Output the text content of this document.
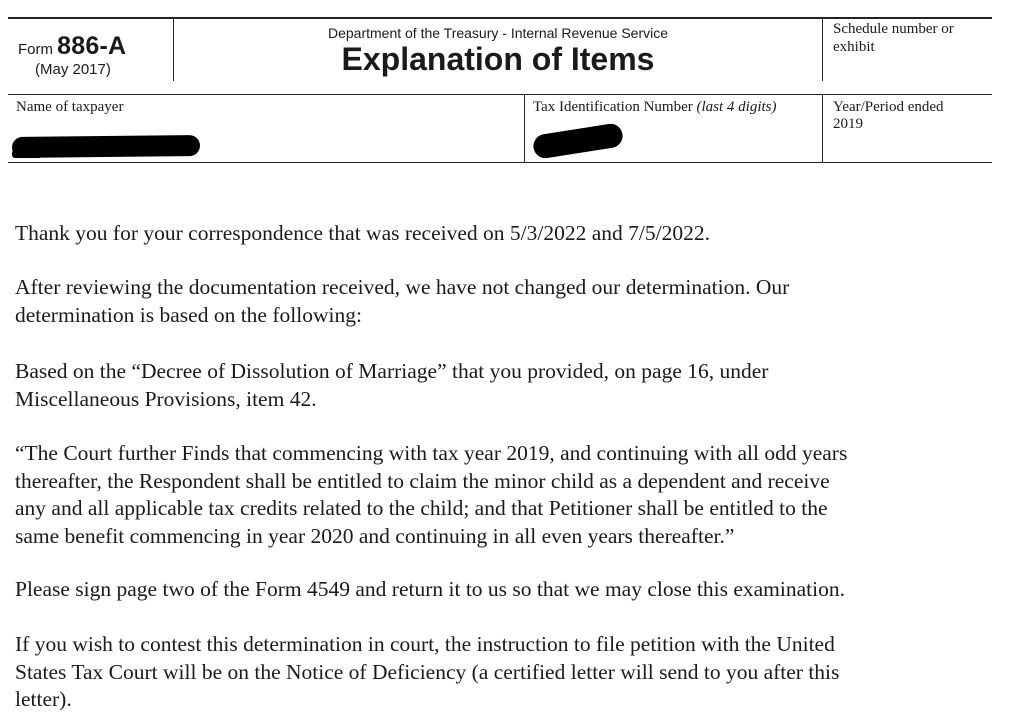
Form 886-A
(May 2017)
Department of the Treasury - Internal Revenue Service
Explanation of Items
Schedule number or exhibit
Name of taxpayer	Tax Identification Number (last 4 digits)	Year/Period ended
2019

Thank you for your correspondence that was received on 5/3/2022 and 7/5/2022.

After reviewing the documentation received, we have not changed our determination. Our
determination is based on the following:

Based on the “Decree of Dissolution of Marriage” that you provided, on page 16, under
Miscellaneous Provisions, item 42.

“The Court further Finds that commencing with tax year 2019, and continuing with all odd years
thereafter, the Respondent shall be entitled to claim the minor child as a dependent and receive
any and all applicable tax credits related to the child; and that Petitioner shall be entitled to the
same benefit commencing in year 2020 and continuing in all even years thereafter.”

Please sign page two of the Form 4549 and return it to us so that we may close this examination.

If you wish to contest this determination in court, the instruction to file petition with the United
States Tax Court will be on the Notice of Deficiency (a certified letter will send to you after this
letter).
